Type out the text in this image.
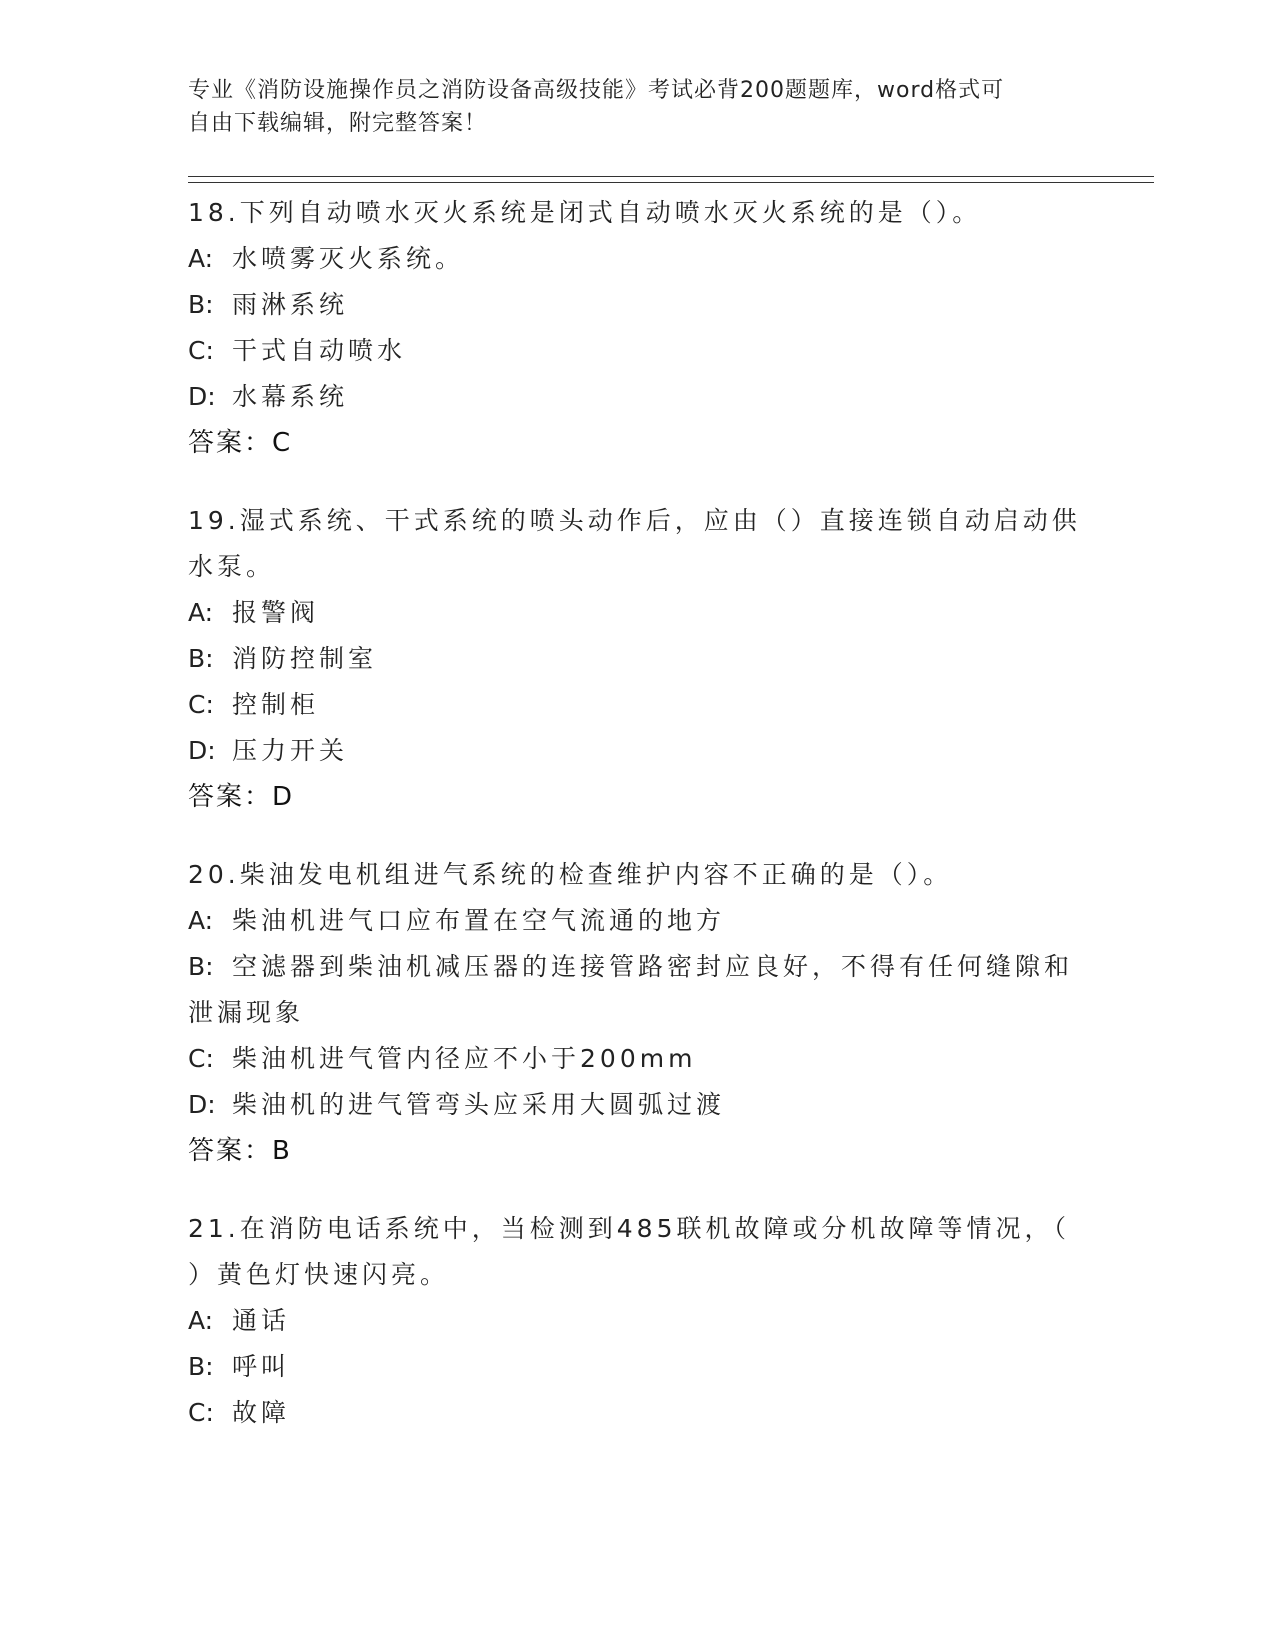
专业《消防设施操作员之消防设备高级技能》考试必背200题题库，word格式可
自由下载编辑，附完整答案！
18.下列自动喷水灭火系统是闭式自动喷水灭火系统的是（）。
A: 水喷雾灭火系统。
B: 雨淋系统
C: 干式自动喷水
D: 水幕系统
答案：C
19.湿式系统、干式系统的喷头动作后，应由（）直接连锁自动启动供
水泵。
A: 报警阀
B: 消防控制室
C: 控制柜
D: 压力开关
答案：D
20.柴油发电机组进气系统的检查维护内容不正确的是（）。
A: 柴油机进气口应布置在空气流通的地方
B: 空滤器到柴油机减压器的连接管路密封应良好，不得有任何缝隙和
泄漏现象
C: 柴油机进气管内径应不小于200mm
D: 柴油机的进气管弯头应采用大圆弧过渡
答案：B
21.在消防电话系统中，当检测到485联机故障或分机故障等情况，（
）黄色灯快速闪亮。
A: 通话
B: 呼叫
C: 故障
